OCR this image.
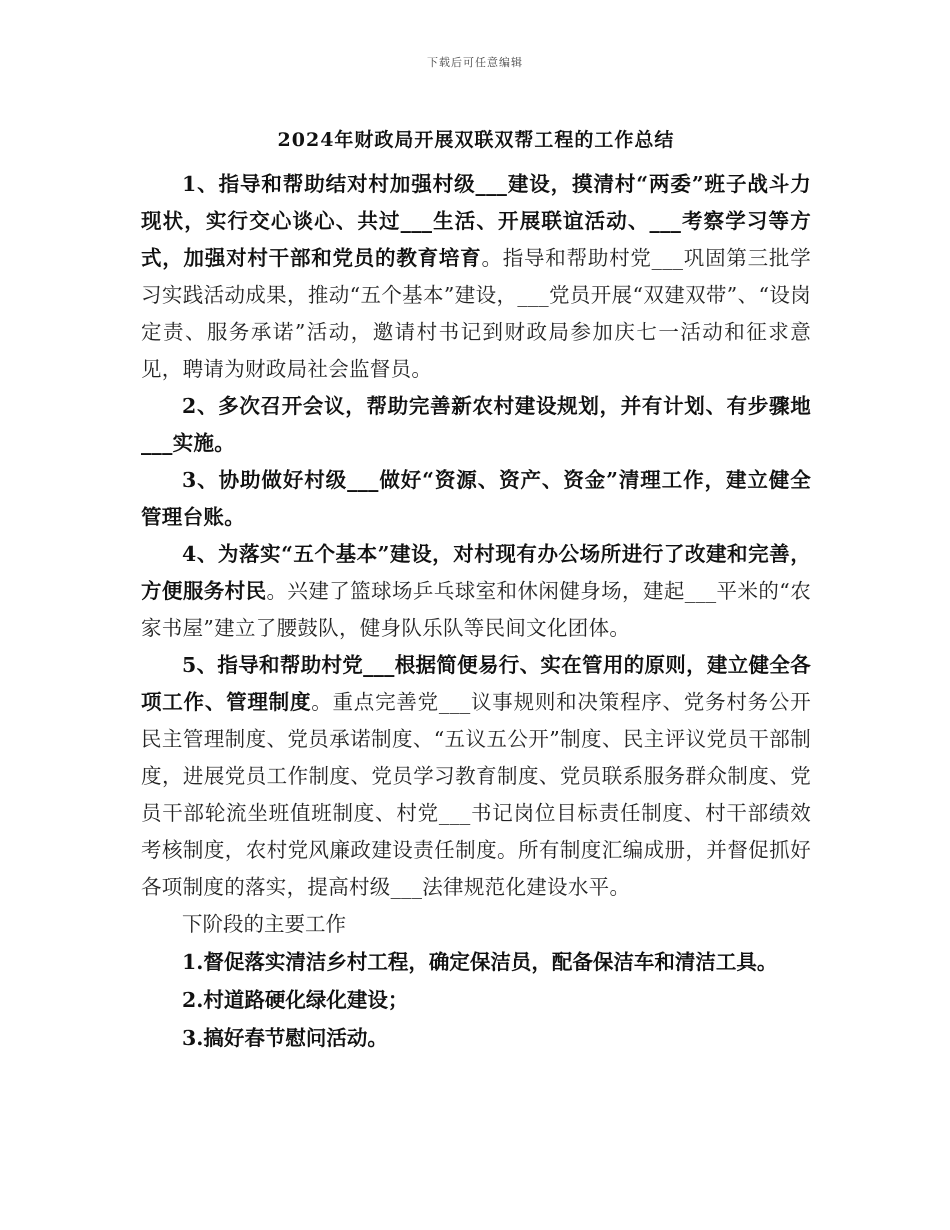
下载后可任意编辑
2024年财政局开展双联双帮工程的工作总结

1、指导和帮助结对村加强村级___建设，摸清村“两委”班子战斗力现状，实行交心谈心、共过___生活、开展联谊活动、___考察学习等方式，加强对村干部和党员的教育培育。指导和帮助村党___巩固第三批学习实践活动成果，推动“五个基本”建设，___党员开展“双建双带”、“设岗定责、服务承诺”活动，邀请村书记到财政局参加庆七一活动和征求意见，聘请为财政局社会监督员。

2、多次召开会议，帮助完善新农村建设规划，并有计划、有步骤地___实施。

3、协助做好村级___做好“资源、资产、资金”清理工作，建立健全管理台账。

4、为落实“五个基本”建设，对村现有办公场所进行了改建和完善，方便服务村民。兴建了篮球场乒乓球室和休闲健身场，建起___平米的“农家书屋”建立了腰鼓队，健身队乐队等民间文化团体。

5、指导和帮助村党___根据简便易行、实在管用的原则，建立健全各项工作、管理制度。重点完善党___议事规则和决策程序、党务村务公开民主管理制度、党员承诺制度、“五议五公开”制度、民主评议党员干部制度，进展党员工作制度、党员学习教育制度、党员联系服务群众制度、党员干部轮流坐班值班制度、村党___书记岗位目标责任制度、村干部绩效考核制度，农村党风廉政建设责任制度。所有制度汇编成册，并督促抓好各项制度的落实，提高村级___法律规范化建设水平。

下阶段的主要工作

1.督促落实清洁乡村工程，确定保洁员，配备保洁车和清洁工具。

2.村道路硬化绿化建设；

3.搞好春节慰问活动。
